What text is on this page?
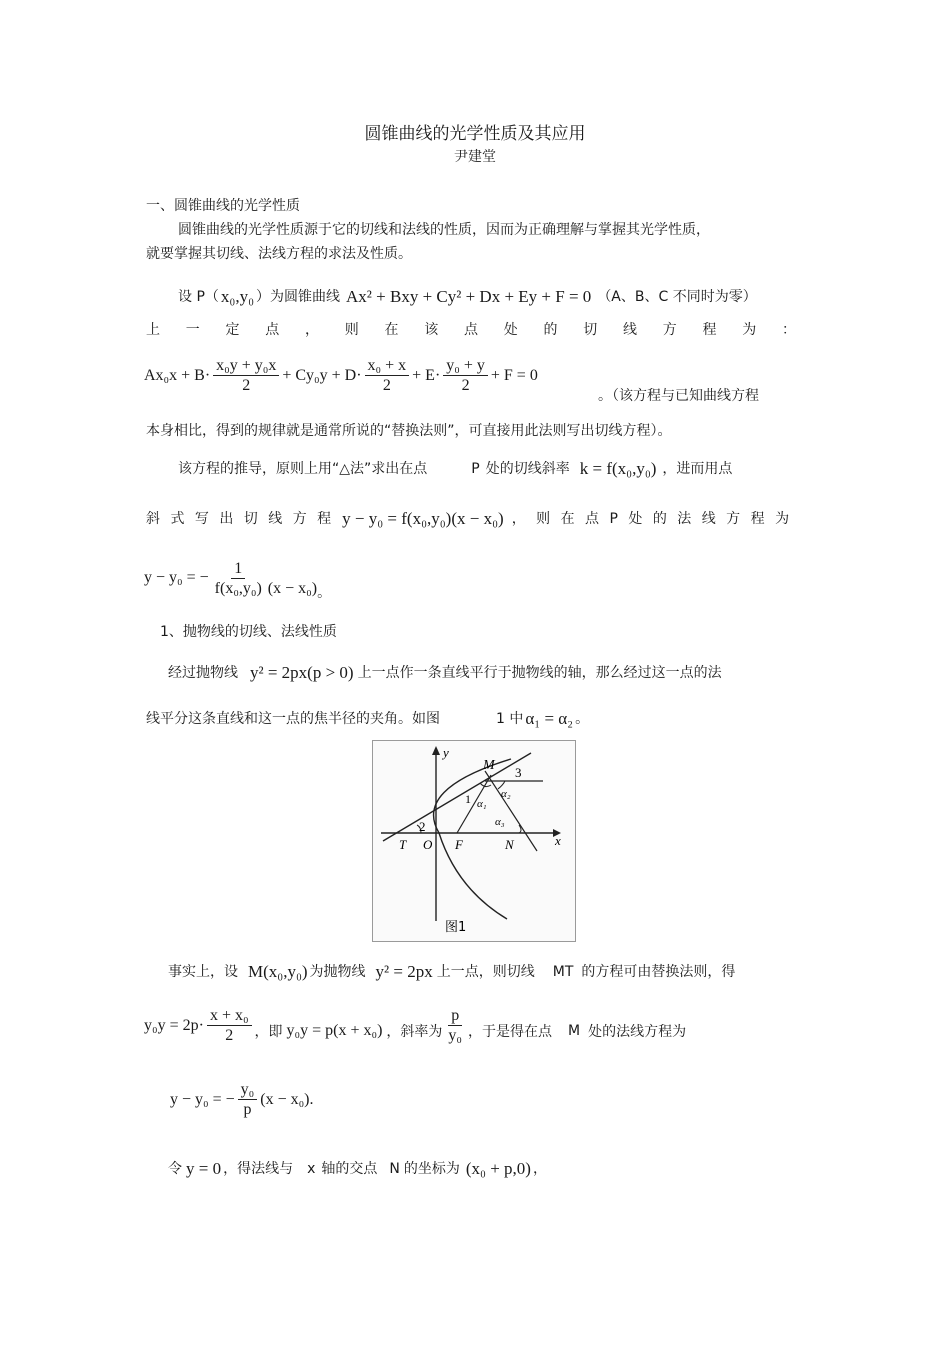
圆锥曲线的光学性质及其应用
尹建堂
一、圆锥曲线的光学性质
圆锥曲线的光学性质源于它的切线和法线的性质，因而为正确理解与掌握其光学性质，
就要掌握其切线、法线方程的求法及性质。
设 P（ x₀,y₀ ）为圆锥曲线 Ax² + Bxy + Cy² + Dx + Ey + F = 0 （A、B、C 不同时为零）
上 一 定 点 ， 则 在 该 点 处 的 切 线 方 程 为 ：
$Ax_0x + B\cdot \frac{\text{x₀y + y₀x}}{2} + Cy_0y + D\cdot \frac{\text{x₀ + x}}{2} + E\cdot \frac{\text{y₀ + y}}{2} + F = 0$
。（该方程与已知曲线方程
本身相比，得到的规律就是通常所说的“替换法则”，可直接用此法则写出切线方程）。
该方程的推导，原则上用“△法”求出在点	P 处的切线斜率 k = f(x₀,y₀) ，进而用点
斜 式 写 出 切 线 方 程 y − y₀ = f(x₀,y₀)(x − x₀) ， 则 在 点 P 处 的 法 线 方 程 为
y − y₀ = − $\frac{1}{\text{f(x₀,y₀)}} (x - x_0)$ 。
1、抛物线的切线、法线性质
经过抛物线 y² = 2px(p > 0) 上一点作一条直线平行于抛物线的轴，那么经过这一点的法
线平分这条直线和这一点的焦半径的夹角。如图	1 中 α₁ = α₂ 。
y
x
M 3
1
2
T O F	N
α₁
α₂
α₃
图1
事实上，设 M(x₀,y₀) 为抛物线 y² = 2px 上一点，则切线 MT 的方程可由替换法则，得
$y_0y = 2p\cdot \frac{\text{x + x₀}}{2}$ ，即 y₀y = p(x + x₀) ，斜率为 $\frac{p}{\text{y₀}}$ ，于是得在点 M 处的法线方程为
y − y₀ = − $\frac{\text{y₀}}{p} (x - x_0)$.
令 y = 0 ，得法线与 x 轴的交点 N 的坐标为 (x₀ + p,0) ，
